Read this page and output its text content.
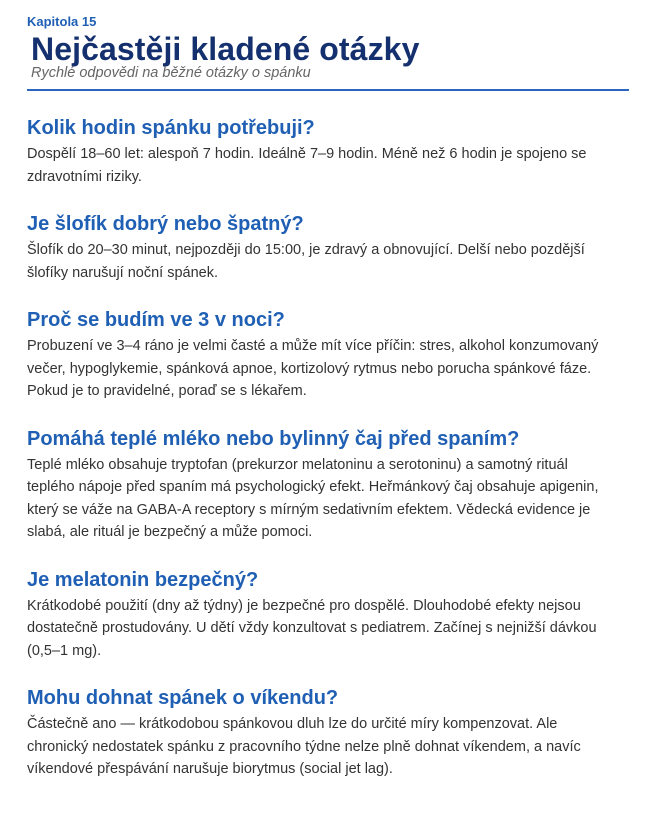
Kapitola 15
Nejčastěji kladené otázky
Rychlé odpovědi na běžné otázky o spánku
Kolik hodin spánku potřebuji?

Dospělí 18–60 let: alespoň 7 hodin. Ideálně 7–9 hodin. Méně než 6 hodin je spojeno se zdravotními riziky.

Je šlofík dobrý nebo špatný?

Šlofík do 20–30 minut, nejpozději do 15:00, je zdravý a obnovující. Delší nebo pozdější šlofíky narušují noční spánek.

Proč se budím ve 3 v noci?

Probuzení ve 3–4 ráno je velmi časté a může mít více příčin: stres, alkohol konzumovaný večer, hypoglykemie, spánková apnoe, kortizolový rytmus nebo porucha spánkové fáze. Pokud je to pravidelné, poraď se s lékařem.

Pomáhá teplé mléko nebo bylinný čaj před spaním?

Teplé mléko obsahuje tryptofan (prekurzor melatoninu a serotoninu) a samotný rituál teplého nápoje před spaním má psychologický efekt. Heřmánkový čaj obsahuje apigenin, který se váže na GABA-A receptory s mírným sedativním efektem. Vědecká evidence je slabá, ale rituál je bezpečný a může pomoci.

Je melatonin bezpečný?

Krátkodobé použití (dny až týdny) je bezpečné pro dospělé. Dlouhodobé efekty nejsou dostatečně prostudovány. U dětí vždy konzultovat s pediatrem. Začínej s nejnižší dávkou (0,5–1 mg).

Mohu dohnat spánek o víkendu?

Částečně ano — krátkodobou spánkovou dluh lze do určité míry kompenzovat. Ale chronický nedostatek spánku z pracovního týdne nelze plně dohnat víkendem, a navíc víkendové přespávání narušuje biorytmus (social jet lag).
